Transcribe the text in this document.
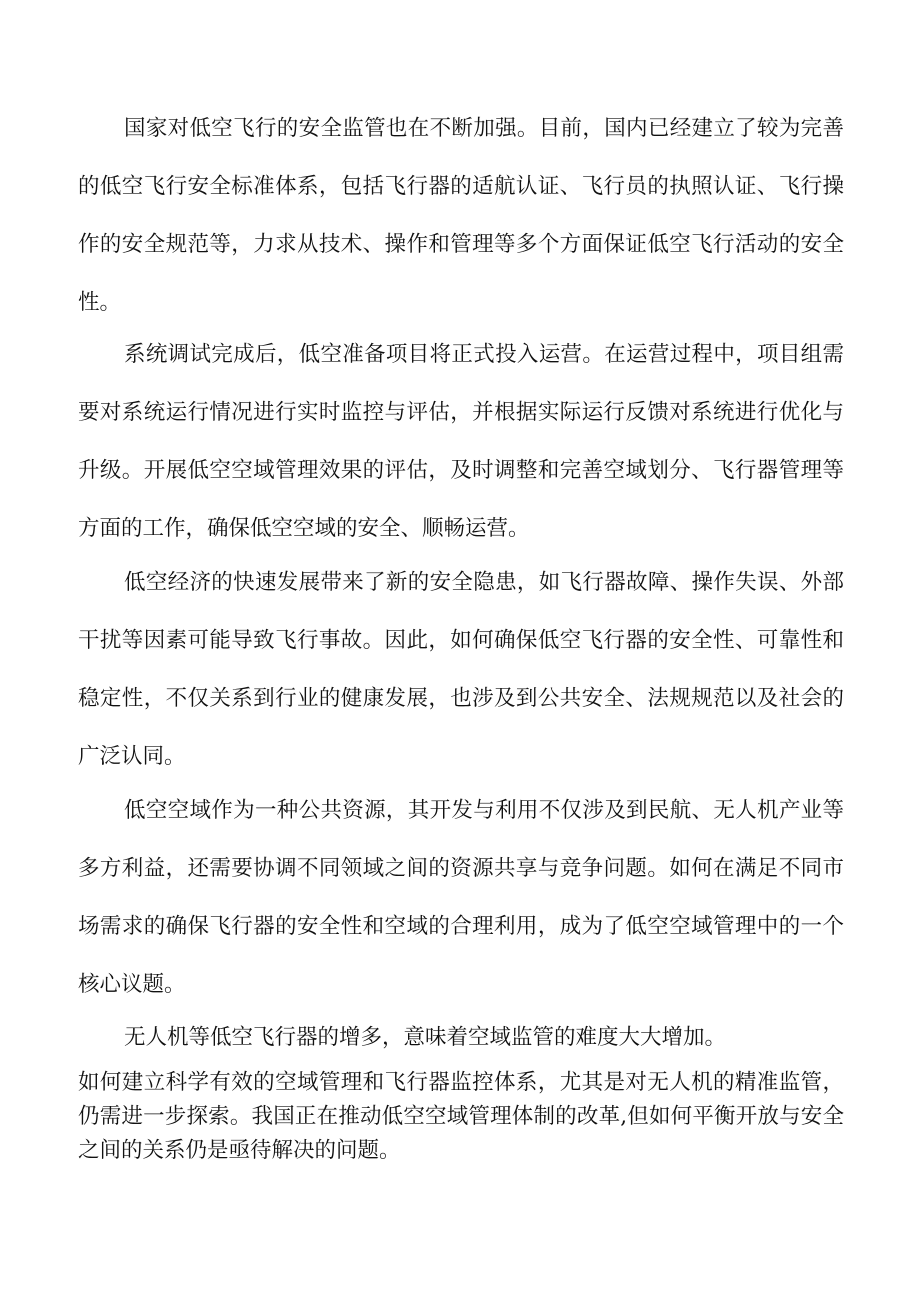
国家对低空飞行的安全监管也在不断加强。目前，国内已经建立了较为完善的低空飞行安全标准体系，包括飞行器的适航认证、飞行员的执照认证、飞行操作的安全规范等，力求从技术、操作和管理等多个方面保证低空飞行活动的安全性。

系统调试完成后，低空准备项目将正式投入运营。在运营过程中，项目组需要对系统运行情况进行实时监控与评估，并根据实际运行反馈对系统进行优化与升级。开展低空空域管理效果的评估，及时调整和完善空域划分、飞行器管理等方面的工作，确保低空空域的安全、顺畅运营。

低空经济的快速发展带来了新的安全隐患，如飞行器故障、操作失误、外部干扰等因素可能导致飞行事故。因此，如何确保低空飞行器的安全性、可靠性和稳定性，不仅关系到行业的健康发展，也涉及到公共安全、法规规范以及社会的广泛认同。

低空空域作为一种公共资源，其开发与利用不仅涉及到民航、无人机产业等多方利益，还需要协调不同领域之间的资源共享与竞争问题。如何在满足不同市场需求的确保飞行器的安全性和空域的合理利用，成为了低空空域管理中的一个核心议题。

无人机等低空飞行器的增多，意味着空域监管的难度大大增加。

如何建立科学有效的空域管理和飞行器监控体系，尤其是对无人机的精准监管，仍需进一步探索。我国正在推动低空空域管理体制的改革,但如何平衡开放与安全之间的关系仍是亟待解决的问题。
